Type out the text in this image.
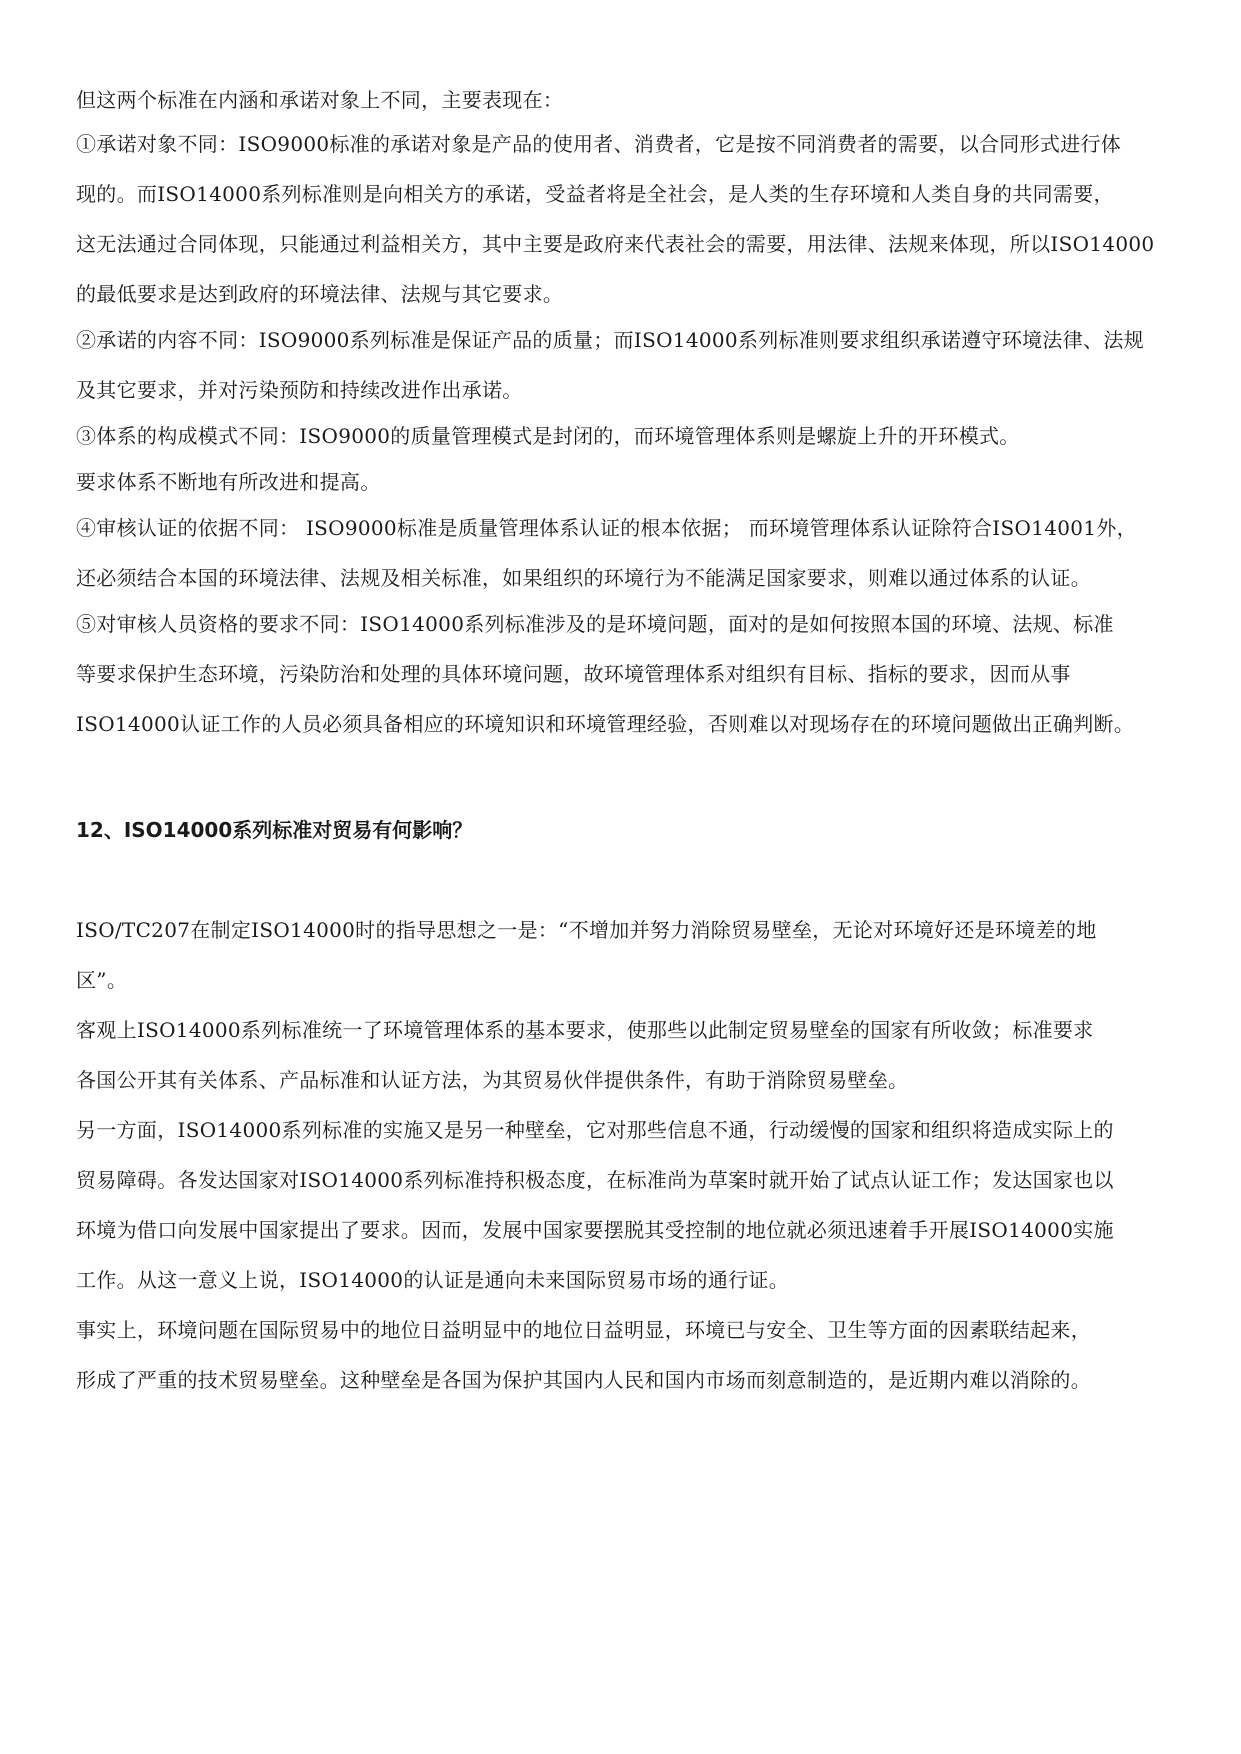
但这两个标准在内涵和承诺对象上不同，主要表现在：

①承诺对象不同：ISO9000标准的承诺对象是产品的使用者、消费者，它是按不同消费者的需要，以合同形式进行体

现的。而ISO14000系列标准则是向相关方的承诺，受益者将是全社会，是人类的生存环境和人类自身的共同需要，

这无法通过合同体现，只能通过利益相关方，其中主要是政府来代表社会的需要，用法律、法规来体现，所以ISO14000

的最低要求是达到政府的环境法律、法规与其它要求。

②承诺的内容不同：ISO9000系列标准是保证产品的质量；而ISO14000系列标准则要求组织承诺遵守环境法律、法规

及其它要求，并对污染预防和持续改进作出承诺。

③体系的构成模式不同：ISO9000的质量管理模式是封闭的，而环境管理体系则是螺旋上升的开环模式。

要求体系不断地有所改进和提高。

④审核认证的依据不同： ISO9000标准是质量管理体系认证的根本依据； 而环境管理体系认证除符合ISO14001外，

还必须结合本国的环境法律、法规及相关标准，如果组织的环境行为不能满足国家要求，则难以通过体系的认证。

⑤对审核人员资格的要求不同：ISO14000系列标准涉及的是环境问题，面对的是如何按照本国的环境、法规、标准

等要求保护生态环境，污染防治和处理的具体环境问题，故环境管理体系对组织有目标、指标的要求，因而从事

ISO14000认证工作的人员必须具备相应的环境知识和环境管理经验，否则难以对现场存在的环境问题做出正确判断。

12、ISO14000系列标准对贸易有何影响？

ISO/TC207在制定ISO14000时的指导思想之一是：“不增加并努力消除贸易壁垒，无论对环境好还是环境差的地

区”。

客观上ISO14000系列标准统一了环境管理体系的基本要求，使那些以此制定贸易壁垒的国家有所收敛；标准要求

各国公开其有关体系、产品标准和认证方法，为其贸易伙伴提供条件，有助于消除贸易壁垒。

另一方面，ISO14000系列标准的实施又是另一种壁垒，它对那些信息不通，行动缓慢的国家和组织将造成实际上的

贸易障碍。各发达国家对ISO14000系列标准持积极态度，在标准尚为草案时就开始了试点认证工作；发达国家也以

环境为借口向发展中国家提出了要求。因而，发展中国家要摆脱其受控制的地位就必须迅速着手开展ISO14000实施

工作。从这一意义上说，ISO14000的认证是通向未来国际贸易市场的通行证。

事实上，环境问题在国际贸易中的地位日益明显中的地位日益明显，环境已与安全、卫生等方面的因素联结起来，

形成了严重的技术贸易壁垒。这种壁垒是各国为保护其国内人民和国内市场而刻意制造的，是近期内难以消除的。
